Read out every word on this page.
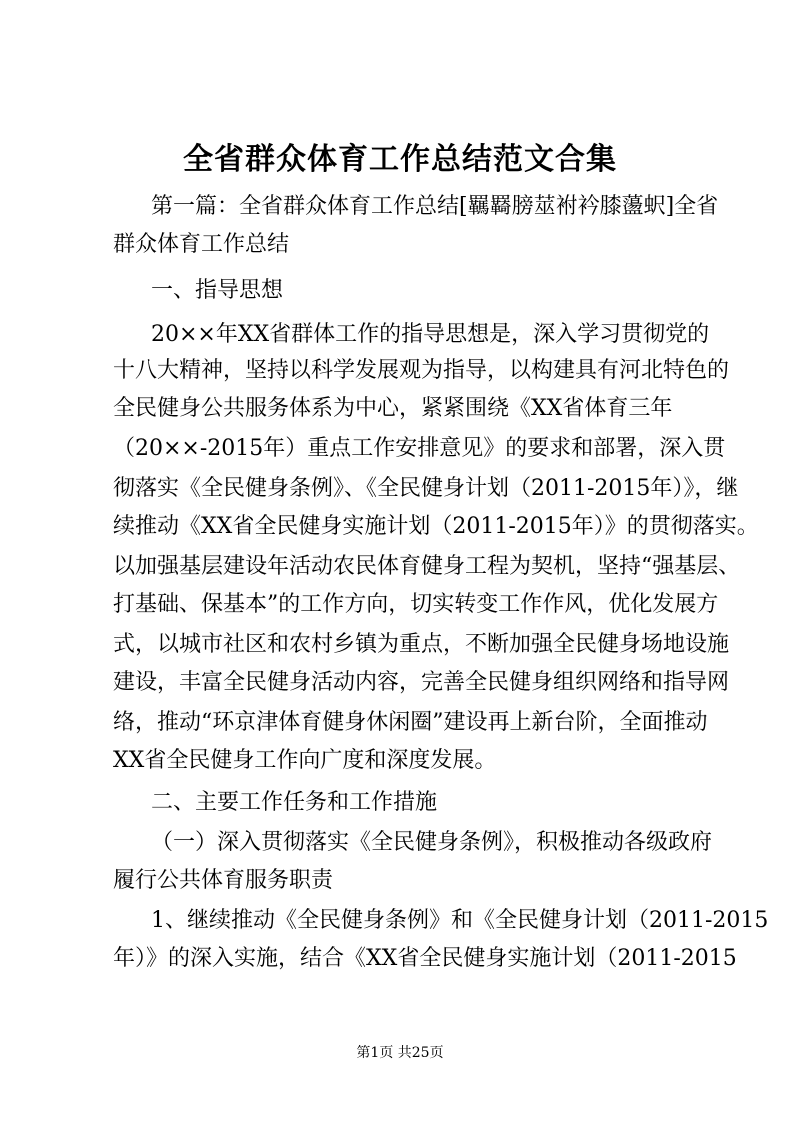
全省群众体育工作总结范文合集
第一篇：全省群众体育工作总结[羈羇膀莁袝衿膝蘯蚇]全省
群众体育工作总结
一、指导思想
20××年XX省群体工作的指导思想是，深入学习贯彻党的
十八大精神，坚持以科学发展观为指导，以构建具有河北特色的
全民健身公共服务体系为中心，紧紧围绕《XX省体育三年
（20××-2015年）重点工作安排意见》的要求和部署，深入贯
彻落实《全民健身条例》、《全民健身计划（2011-2015年）》，继
续推动《XX省全民健身实施计划（2011-2015年）》的贯彻落实。
以加强基层建设年活动农民体育健身工程为契机，坚持“强基层、
打基础、保基本”的工作方向，切实转变工作作风，优化发展方
式，以城市社区和农村乡镇为重点，不断加强全民健身场地设施
建设，丰富全民健身活动内容，完善全民健身组织网络和指导网
络，推动“环京津体育健身休闲圈”建设再上新台阶，全面推动
XX省全民健身工作向广度和深度发展。
二、主要工作任务和工作措施
（一）深入贯彻落实《全民健身条例》，积极推动各级政府
履行公共体育服务职责
1、继续推动《全民健身条例》和《全民健身计划（2011-2015
年）》的深入实施，结合《XX省全民健身实施计划（2011-2015
第1页 共25页
